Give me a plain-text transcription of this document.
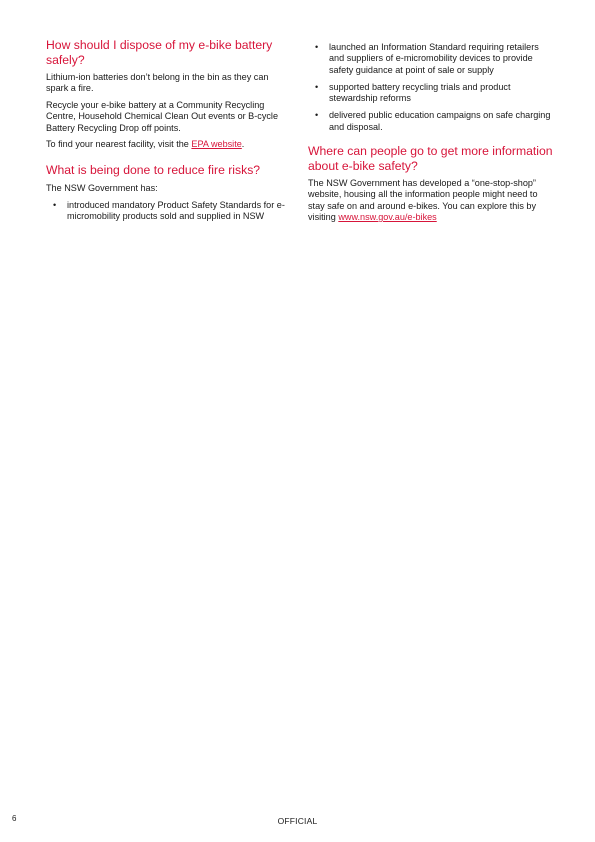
How should I dispose of my e-bike battery safely?

Lithium-ion batteries don’t belong in the bin as they can spark a fire.

Recycle your e-bike battery at a Community Recycling Centre, Household Chemical Clean Out events or B-cycle Battery Recycling Drop off points.

To find your nearest facility, visit the EPA website.

What is being done to reduce fire risks?

The NSW Government has:

• introduced mandatory Product Safety Standards for e-micromobility products sold and supplied in NSW
• launched an Information Standard requiring retailers and suppliers of e-micromobility devices to provide safety guidance at point of sale or supply
• supported battery recycling trials and product stewardship reforms
• delivered public education campaigns on safe charging and disposal.
Where can people go to get more information about e-bike safety?

The NSW Government has developed a “one-stop-shop” website, housing all the information people might need to stay safe on and around e-bikes. You can explore this by visiting www.nsw.gov.au/e-bikes

6	OFFICIAL
